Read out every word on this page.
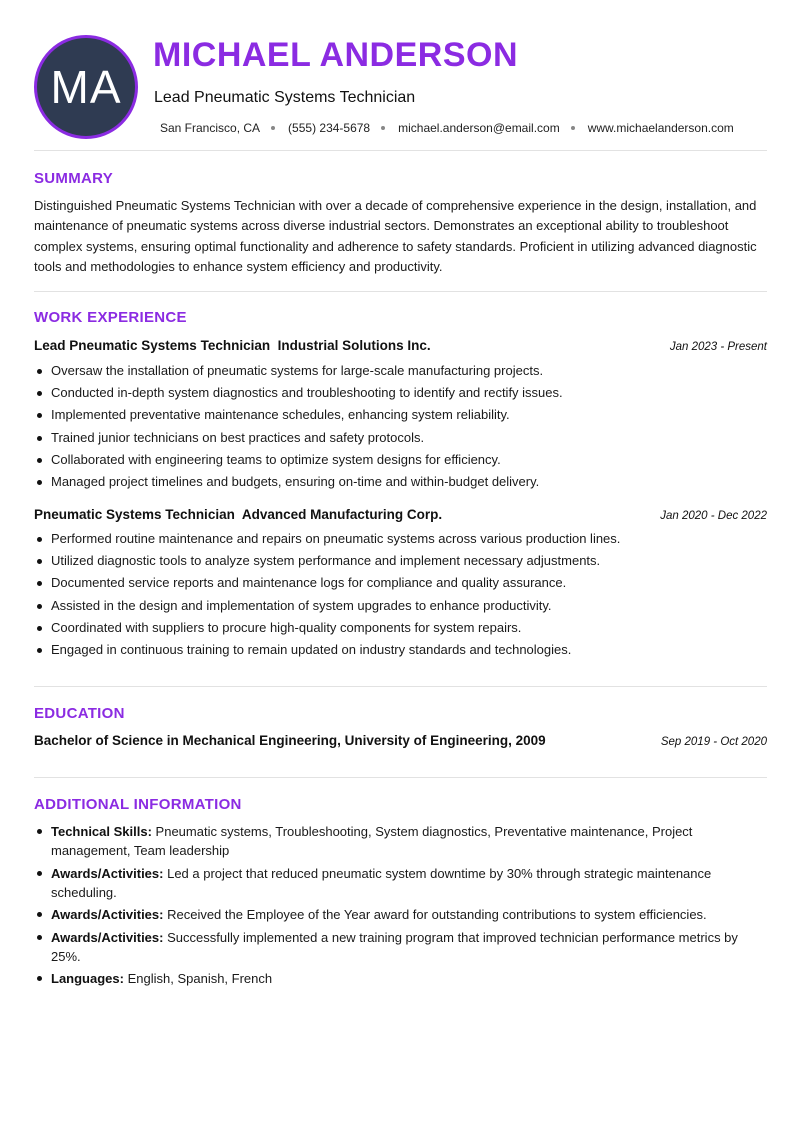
MA
MICHAEL ANDERSON
Lead Pneumatic Systems Technician
San Francisco, CA (555) 234-5678 michael.anderson@email.com www.michaelanderson.com
SUMMARY
Distinguished Pneumatic Systems Technician with over a decade of comprehensive experience in the design, installation, and maintenance of pneumatic systems across diverse industrial sectors. Demonstrates an exceptional ability to troubleshoot complex systems, ensuring optimal functionality and adherence to safety standards. Proficient in utilizing advanced diagnostic tools and methodologies to enhance system efficiency and productivity.
WORK EXPERIENCE
Lead Pneumatic Systems Technician  Industrial Solutions Inc.	Jan 2023 - Present
Oversaw the installation of pneumatic systems for large-scale manufacturing projects.
Conducted in-depth system diagnostics and troubleshooting to identify and rectify issues.
Implemented preventative maintenance schedules, enhancing system reliability.
Trained junior technicians on best practices and safety protocols.
Collaborated with engineering teams to optimize system designs for efficiency.
Managed project timelines and budgets, ensuring on-time and within-budget delivery.
Pneumatic Systems Technician  Advanced Manufacturing Corp.	Jan 2020 - Dec 2022
Performed routine maintenance and repairs on pneumatic systems across various production lines.
Utilized diagnostic tools to analyze system performance and implement necessary adjustments.
Documented service reports and maintenance logs for compliance and quality assurance.
Assisted in the design and implementation of system upgrades to enhance productivity.
Coordinated with suppliers to procure high-quality components for system repairs.
Engaged in continuous training to remain updated on industry standards and technologies.
EDUCATION
Bachelor of Science in Mechanical Engineering, University of Engineering, 2009	Sep 2019 - Oct 2020
ADDITIONAL INFORMATION
Technical Skills: Pneumatic systems, Troubleshooting, System diagnostics, Preventative maintenance, Project management, Team leadership
Awards/Activities: Led a project that reduced pneumatic system downtime by 30% through strategic maintenance scheduling.
Awards/Activities: Received the Employee of the Year award for outstanding contributions to system efficiencies.
Awards/Activities: Successfully implemented a new training program that improved technician performance metrics by 25%.
Languages: English, Spanish, French
